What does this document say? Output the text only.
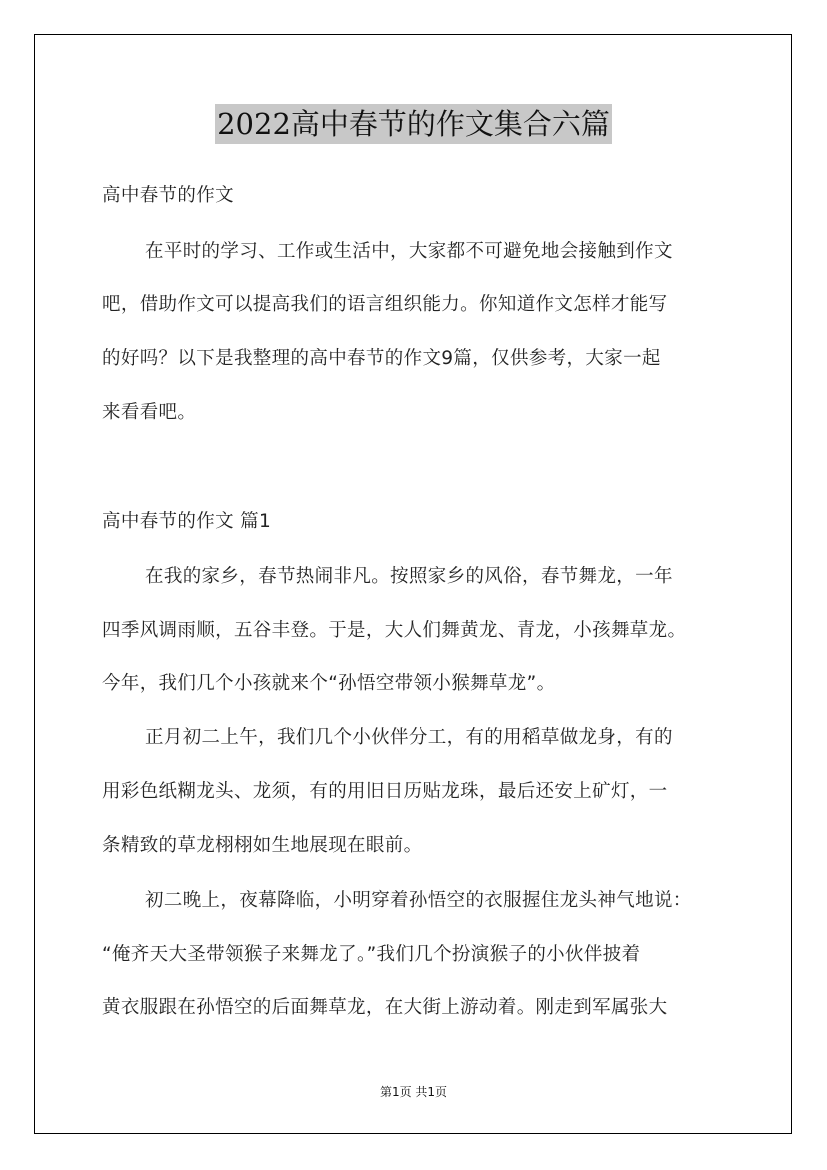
2022高中春节的作文集合六篇
高中春节的作文
在平时的学习、工作或生活中，大家都不可避免地会接触到作文
吧，借助作文可以提高我们的语言组织能力。你知道作文怎样才能写
的好吗？以下是我整理的高中春节的作文9篇，仅供参考，大家一起
来看看吧。
高中春节的作文 篇1
在我的家乡，春节热闹非凡。按照家乡的风俗，春节舞龙，一年
四季风调雨顺，五谷丰登。于是，大人们舞黄龙、青龙，小孩舞草龙。
今年，我们几个小孩就来个“孙悟空带领小猴舞草龙”。
正月初二上午，我们几个小伙伴分工，有的用稻草做龙身，有的
用彩色纸糊龙头、龙须，有的用旧日历贴龙珠，最后还安上矿灯，一
条精致的草龙栩栩如生地展现在眼前。
初二晚上，夜幕降临，小明穿着孙悟空的衣服握住龙头神气地说：
“俺齐天大圣带领猴子来舞龙了。”我们几个扮演猴子的小伙伴披着
黄衣服跟在孙悟空的后面舞草龙，在大街上游动着。刚走到军属张大
第1页 共1页
